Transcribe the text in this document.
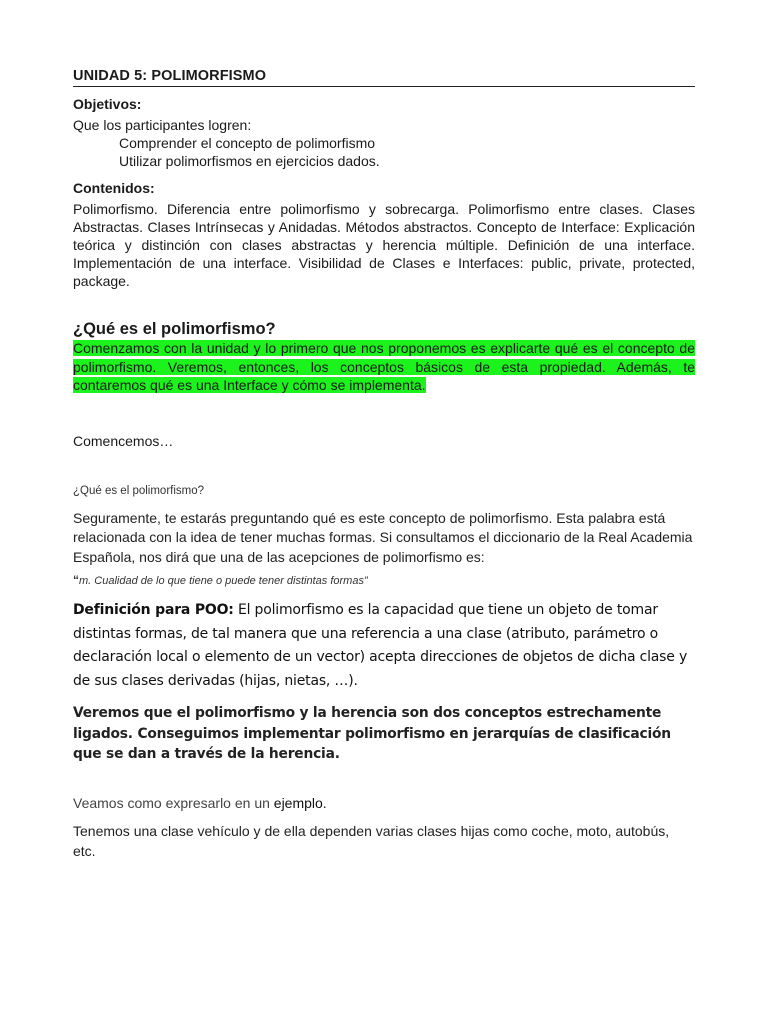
UNIDAD 5: POLIMORFISMO
Objetivos:

Que los participantes logren:

Comprender el concepto de polimorfismo

Utilizar polimorfismos en ejercicios dados.

Contenidos:

Polimorfismo. Diferencia entre polimorfismo y sobrecarga. Polimorfismo entre clases. Clases Abstractas. Clases Intrínsecas y Anidadas. Métodos abstractos. Concepto de Interface: Explicación teórica y distinción con clases abstractas y herencia múltiple. Definición de una interface. Implementación de una interface. Visibilidad de Clases e Interfaces: public, private, protected, package.

¿Qué es el polimorfismo?

Comenzamos con la unidad y lo primero que nos proponemos es explicarte qué es el concepto de polimorfismo. Veremos, entonces, los conceptos básicos de esta propiedad. Además, te contaremos qué es una Interface y cómo se implementa.

Comencemos…

¿Qué es el polimorfismo?

Seguramente, te estarás preguntando qué es este concepto de polimorfismo. Esta palabra está relacionada con la idea de tener muchas formas. Si consultamos el diccionario de la Real Academia Española, nos dirá que una de las acepciones de polimorfismo es:

“m. Cualidad de lo que tiene o puede tener distintas formas”

Definición para POO: El polimorfismo es la capacidad que tiene un objeto de tomar distintas formas, de tal manera que una referencia a una clase (atributo, parámetro o declaración local o elemento de un vector) acepta direcciones de objetos de dicha clase y de sus clases derivadas (hijas, nietas, …).

Veremos que el polimorfismo y la herencia son dos conceptos estrechamente ligados. Conseguimos implementar polimorfismo en jerarquías de clasificación que se dan a través de la herencia.

Veamos como expresarlo en un ejemplo.

Tenemos una clase vehículo y de ella dependen varias clases hijas como coche, moto, autobús, etc.
